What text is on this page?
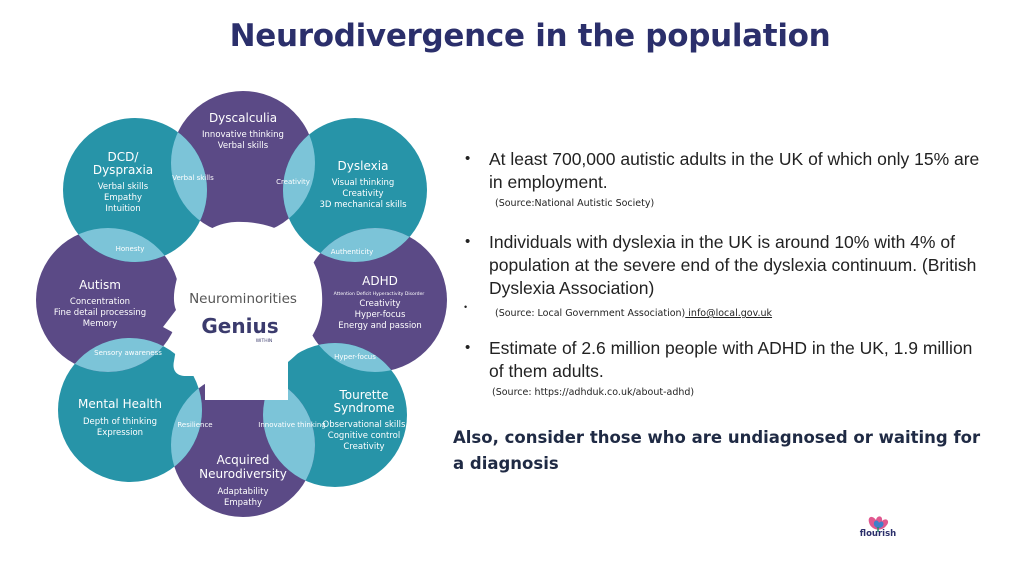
Neurodivergence in the population
Neurominorities
Genius
WITHIN
Dyscalculia
Innovative thinking
Verbal skills
Dyslexia
Visual thinking
Creativity
3D mechanical skills
ADHD
Attention Deficit Hyperactivity Disorder
Creativity
Hyper-focus
Energy and passion
Tourette
Syndrome
Observational skills
Cognitive control
Creativity
Acquired
Neurodiversity
Adaptability
Empathy
Mental Health
Depth of thinking
Expression
Autism
Concentration
Fine detail processing
Memory
DCD/
Dyspraxia
Verbal skills
Empathy
Intuition
Creativity
Authenticity
Hyper-focus
Innovative thinking
Resilience
Sensory awareness
Honesty
Verbal skills
• At least 700,000 autistic adults in the UK of which only 15% are in employment.
(Source:National Autistic Society)
• Individuals with dyslexia in the UK is around 10% with 4% of population at the severe end of the dyslexia continuum. (British Dyslexia Association)
•
(Source: Local Government Association) info@local.gov.uk
• Estimate of 2.6 million people with ADHD in the UK, 1.9 million of them adults.
(Source: https://adhduk.co.uk/about-adhd)
Also, consider those who are undiagnosed or waiting for a diagnosis
flourish
